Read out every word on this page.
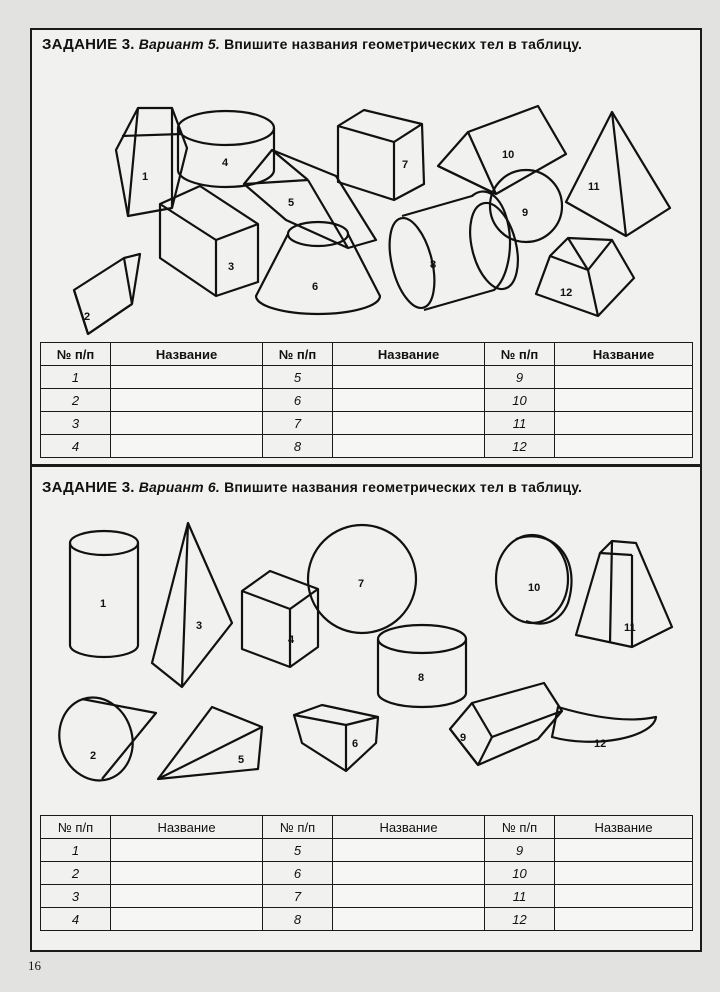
ЗАДАНИЕ 3. Вариант 5. Впишите названия геометрических тел в таблицу.
1
2
3
4
5
6
7
8
9
10
11
12
№ п/п	Название	№ п/п	Название	№ п/п	Название
1		5		9	
2		6		10	
3		7		11	
4		8		12	
ЗАДАНИЕ 3. Вариант 6. Впишите названия геометрических тел в таблицу.
1
2
3
4
5
6
7
8
9
10
11
12
№ п/п	Название	№ п/п	Название	№ п/п	Название
1		5		9	
2		6		10	
3		7		11	
4		8		12	
16
